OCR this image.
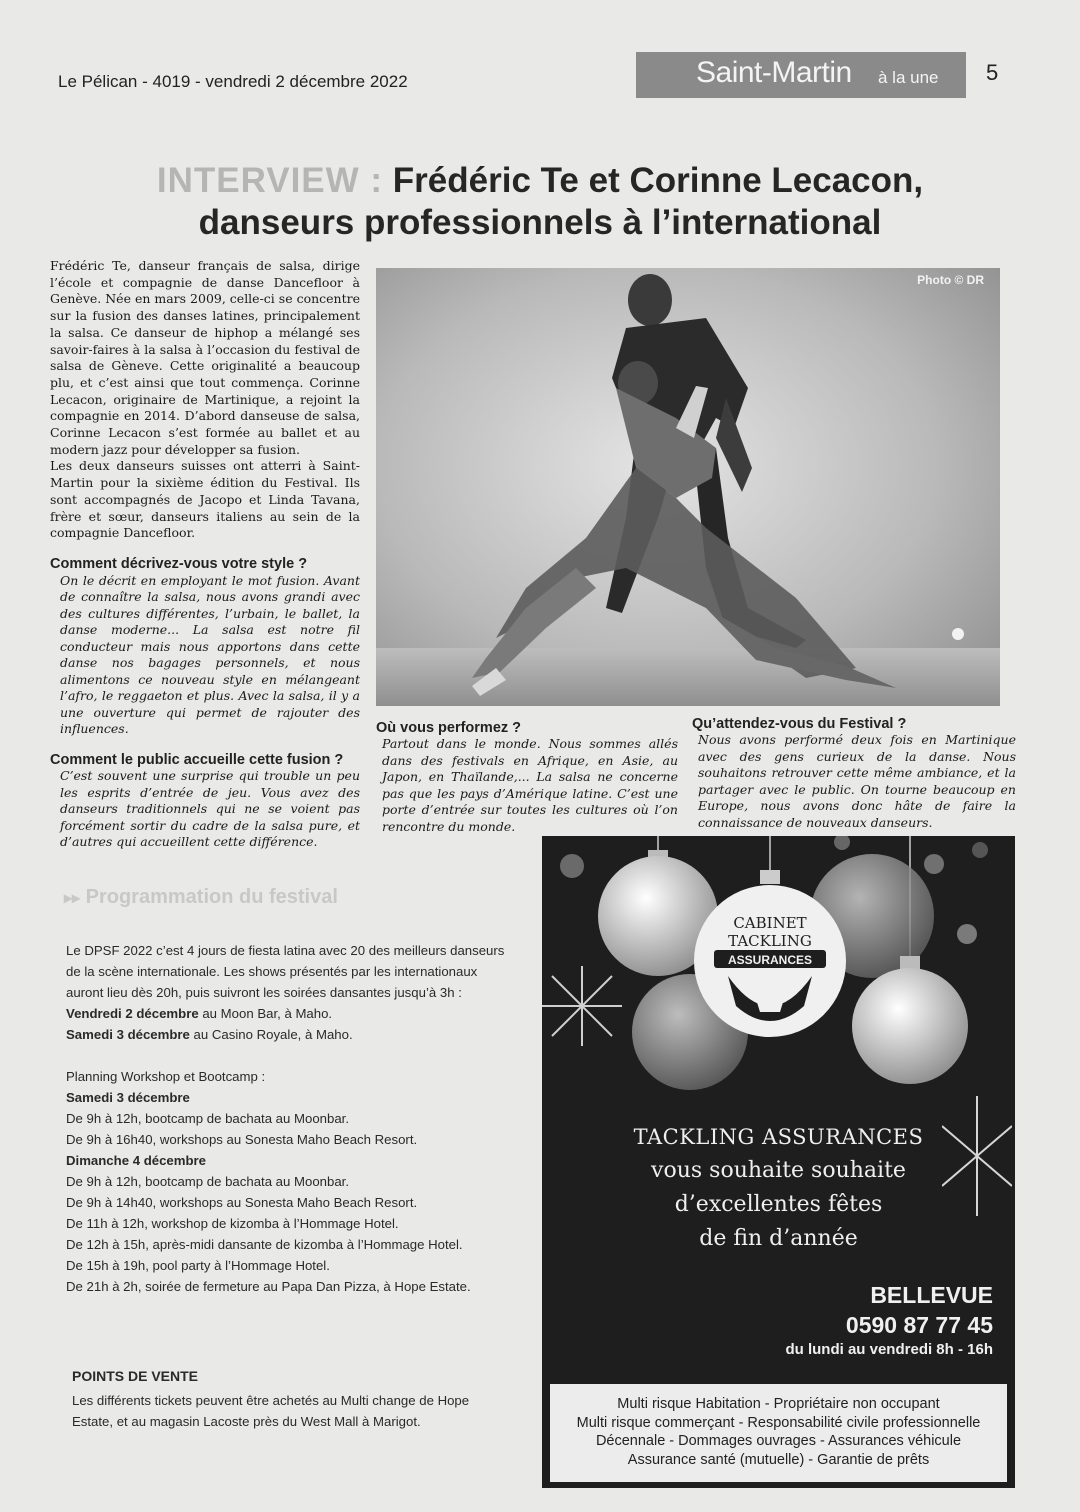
Le Pélican - 4019 - vendredi 2 décembre 2022	Saint-Martin à la une 5
INTERVIEW : Frédéric Te et Corinne Lecacon,
danseurs professionnels à l’international
Frédéric Te, danseur français de salsa, dirige l’école et compagnie de danse Dancefloor à Genève. Née en mars 2009, celle-ci se concentre sur la fusion des danses latines, principalement la salsa. Ce danseur de hiphop a mélangé ses savoir-faires à la salsa à l’occasion du festival de salsa de Gèneve. Cette originalité a beaucoup plu, et c’est ainsi que tout commença. Corinne Lecacon, originaire de Martinique, a rejoint la compagnie en 2014. D’abord danseuse de salsa, Corinne Lecacon s’est formée au ballet et au modern jazz pour développer sa fusion.
Les deux danseurs suisses ont atterri à Saint-Martin pour la sixième édition du Festival. Ils sont accompagnés de Jacopo et Linda Tavana, frère et sœur, danseurs italiens au sein de la compagnie Dancefloor.
Comment décrivez-vous votre style ?
On le décrit en employant le mot fusion. Avant de connaître la salsa, nous avons grandi avec des cultures différentes, l’urbain, le ballet, la danse moderne... La salsa est notre fil conducteur mais nous apportons dans cette danse nos bagages personnels, et nous alimentons ce nouveau style en mélangeant l’afro, le reggaeton et plus. Avec la salsa, il y a une ouverture qui permet de rajouter des influences.
Comment le public accueille cette fusion ?
C’est souvent une surprise qui trouble un peu les esprits d’entrée de jeu. Vous avez des danseurs traditionnels qui ne se voient pas forcément sortir du cadre de la salsa pure, et d’autres qui accueillent cette différence.
Photo © DR
Où vous performez ?
Partout dans le monde. Nous sommes allés dans des festivals en Afrique, en Asie, au Japon, en Thaïlande,... La salsa ne concerne pas que les pays d’Amérique latine. C’est une porte d’entrée sur toutes les cultures où l’on rencontre du monde.
Qu’attendez-vous du Festival ?
Nous avons performé deux fois en Martinique avec des gens curieux de la danse. Nous souhaitons retrouver cette même ambiance, et la partager avec le public. On tourne beaucoup en Europe, nous avons donc hâte de faire la connaissance de nouveaux danseurs.
▸▸ Programmation du festival
Le DPSF 2022 c’est 4 jours de fiesta latina avec 20 des meilleurs danseurs de la scène internationale. Les shows présentés par les internationaux auront lieu dès 20h, puis suivront les soirées dansantes jusqu’à 3h :
Vendredi 2 décembre au Moon Bar, à Maho.
Samedi 3 décembre au Casino Royale, à Maho.
Planning Workshop et Bootcamp :
Samedi 3 décembre
De 9h à 12h, bootcamp de bachata au Moonbar.
De 9h à 16h40, workshops au Sonesta Maho Beach Resort.
Dimanche 4 décembre
De 9h à 12h, bootcamp de bachata au Moonbar.
De 9h à 14h40, workshops au Sonesta Maho Beach Resort.
De 11h à 12h, workshop de kizomba à l’Hommage Hotel.
De 12h à 15h, après-midi dansante de kizomba à l’Hommage Hotel.
De 15h à 19h, pool party à l’Hommage Hotel.
De 21h à 2h, soirée de fermeture au Papa Dan Pizza, à Hope Estate.
POINTS DE VENTE
Les différents tickets peuvent être achetés au Multi change de Hope Estate, et au magasin Lacoste près du West Mall à Marigot.
CABINET
TACKLING
ASSURANCES
TACKLING ASSURANCES
vous souhaite souhaite
d’excellentes fêtes
de fin d’année
BELLEVUE
0590 87 77 45
du lundi au vendredi 8h - 16h
Multi risque Habitation - Propriétaire non occupant
Multi risque commerçant - Responsabilité civile professionnelle
Décennale - Dommages ouvrages - Assurances véhicule
Assurance santé (mutuelle) - Garantie de prêts
